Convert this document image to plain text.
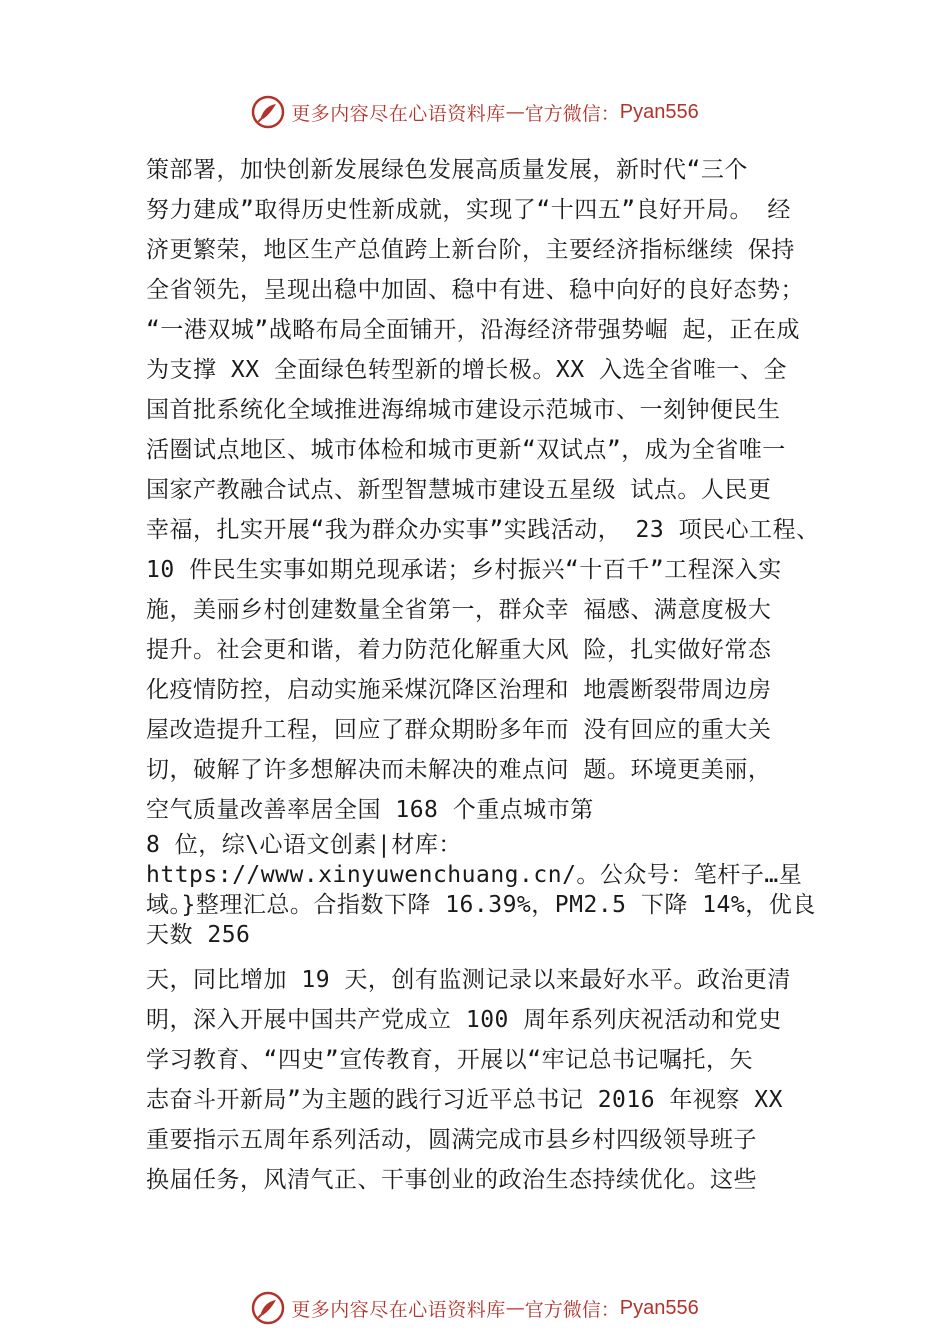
更多内容尽在心语资料库 — 官方微信： Pyan556
策部署，加快创新发展绿色发展高质量发展，新时代“三个
努力建成”取得历史性新成就，实现了“十四五”良好开局。 经
济更繁荣，地区生产总值跨上新台阶，主要经济指标继续 保持
全省领先，呈现出稳中加固、稳中有进、稳中向好的良好态势；
“一港双城”战略布局全面铺开，沿海经济带强势崛 起，正在成
为支撑 XX 全面绿色转型新的增长极。XX 入选全省唯一、全
国首批系统化全域推进海绵城市建设示范城市、一刻钟便民生
活圈试点地区、城市体检和城市更新“双试点”，成为全省唯一
国家产教融合试点、新型智慧城市建设五星级 试点。人民更
幸福，扎实开展“我为群众办实事”实践活动， 23 项民心工程、
10 件民生实事如期兑现承诺；乡村振兴“十百千”工程深入实
施，美丽乡村创建数量全省第一，群众幸 福感、满意度极大
提升。社会更和谐，着力防范化解重大风 险，扎实做好常态
化疫情防控，启动实施采煤沉降区治理和 地震断裂带周边房
屋改造提升工程，回应了群众期盼多年而 没有回应的重大关
切，破解了许多想解决而未解决的难点问 题。环境更美丽，
空气质量改善率居全国 168 个重点城市第
8 位，综\心语文创素|材库：
https://www.xinyuwenchuang.cn/。公众号：笔杆子…星
域。}整理汇总。合指数下降 16.39%，PM2.5 下降 14%，优良
天数 256
天，同比增加 19 天，创有监测记录以来最好水平。政治更清
明，深入开展中国共产党成立 100 周年系列庆祝活动和党史
学习教育、“四史”宣传教育，开展以“牢记总书记嘱托，矢
志奋斗开新局”为主题的践行习近平总书记 2016 年视察 XX
重要指示五周年系列活动，圆满完成市县乡村四级领导班子
换届任务，风清气正、干事创业的政治生态持续优化。这些
更多内容尽在心语资料库 — 官方微信： Pyan556
